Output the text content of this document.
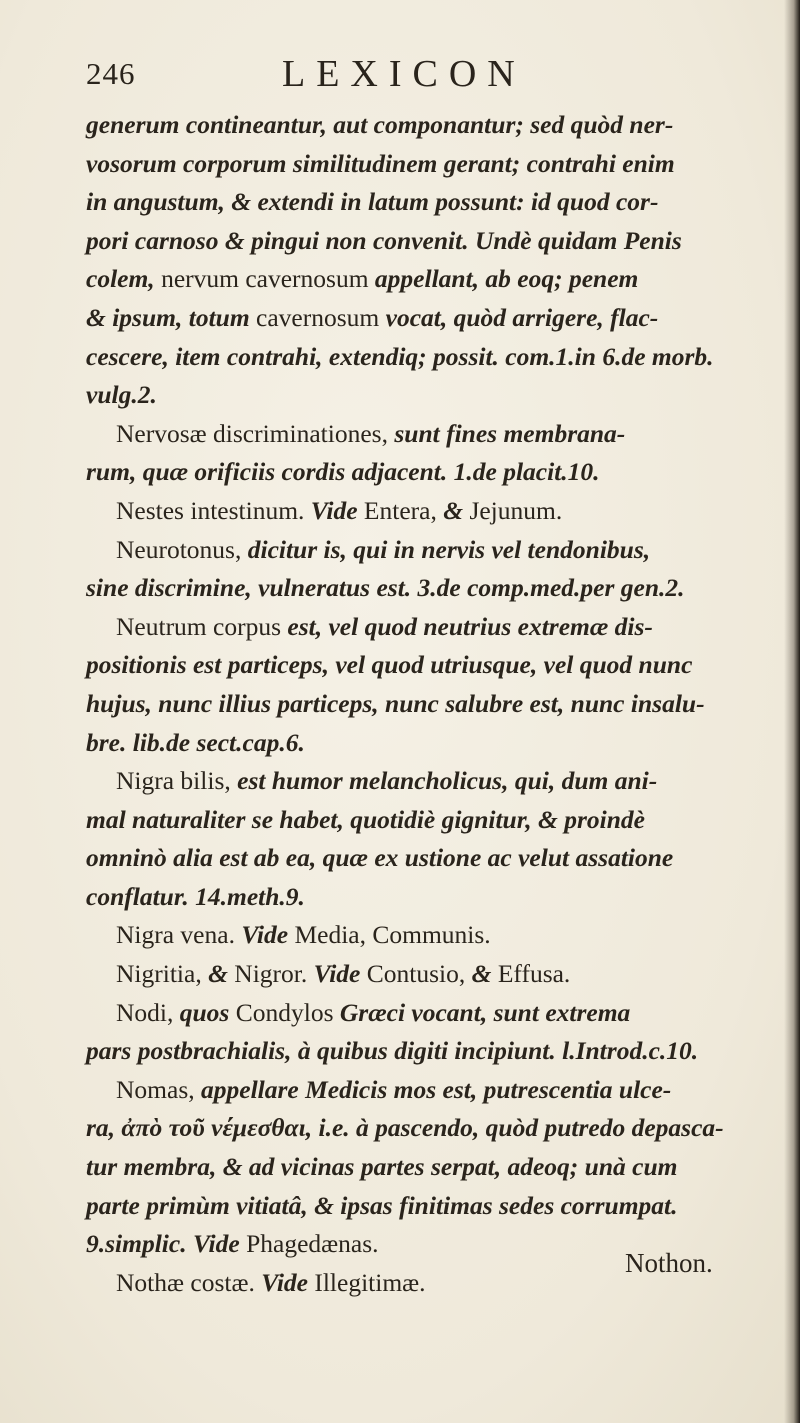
246	LEXICON
generum contineantur, aut componantur; sed quòd ner-
vosorum corporum similitudinem gerant; contrahi enim
in angustum, & extendi in latum possunt: id quod cor-
pori carnoso & pingui non convenit. Undè quidam Penis
colem, nervum cavernosum appellant, ab eoq; penem
& ipsum, totum cavernosum vocat, quòd arrigere, flac-
cescere, item contrahi, extendiq; possit. com.1.in 6.de morb.
vulg.2.
Nervosæ discriminationes, sunt fines membrana-
rum, quæ orificiis cordis adjacent. 1.de placit.10.
Nestes intestinum. Vide Entera, & Jejunum.
Neurotonus, dicitur is, qui in nervis vel tendonibus,
sine discrimine, vulneratus est. 3.de comp.med.per gen.2.
Neutrum corpus est, vel quod neutrius extremæ dis-
positionis est particeps, vel quod utriusque, vel quod nunc
hujus, nunc illius particeps, nunc salubre est, nunc insalu-
bre. lib.de sect.cap.6.
Nigra bilis, est humor melancholicus, qui, dum ani-
mal naturaliter se habet, quotidiè gignitur, & proindè
omninò alia est ab ea, quæ ex ustione ac velut assatione
conflatur. 14.meth.9.
Nigra vena. Vide Media, Communis.
Nigritia, & Nigror. Vide Contusio, & Effusa.
Nodi, quos Condylos Græci vocant, sunt extrema
pars postbrachialis, à quibus digiti incipiunt. l.Introd.c.10.
Nomas, appellare Medicis mos est, putrescentia ulce-
ra, ἀπὸ τοῦ νέμεσθαι, i.e. à pascendo, quòd putredo depasca-
tur membra, & ad vicinas partes serpat, adeoq; unà cum
parte primùm vitiatâ, & ipsas finitimas sedes corrumpat.
9.simplic. Vide Phagedænas.
Nothæ costæ. Vide Illegitimæ.
Nothon.
